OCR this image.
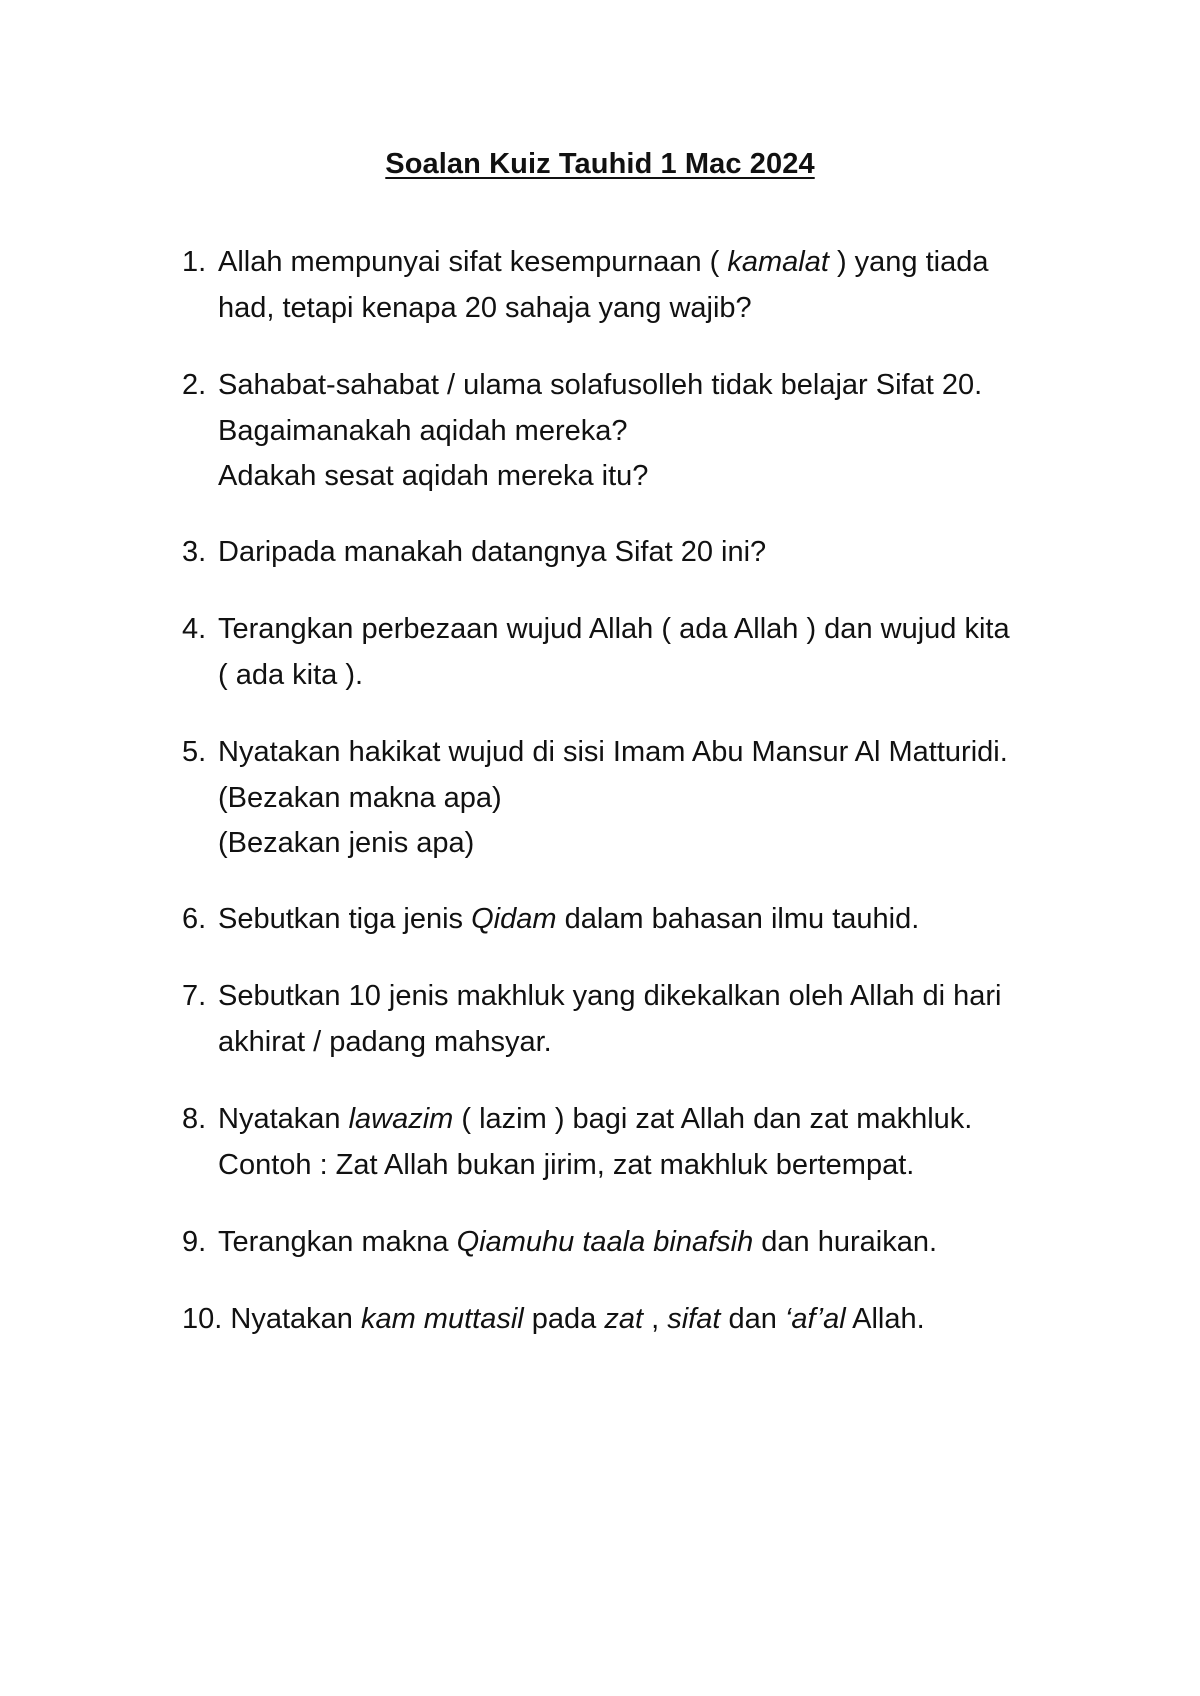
Soalan Kuiz Tauhid 1 Mac 2024
1. Allah mempunyai sifat kesempurnaan ( kamalat ) yang tiada
had, tetapi kenapa 20 sahaja yang wajib?
2. Sahabat-sahabat / ulama solafusolleh tidak belajar Sifat 20.
Bagaimanakah aqidah mereka?
Adakah sesat aqidah mereka itu?
3. Daripada manakah datangnya Sifat 20 ini?
4. Terangkan perbezaan wujud Allah ( ada Allah ) dan wujud kita
( ada kita ).
5. Nyatakan hakikat wujud di sisi Imam Abu Mansur Al Matturidi.
(Bezakan makna apa)
(Bezakan jenis apa)
6. Sebutkan tiga jenis Qidam dalam bahasan ilmu tauhid.
7. Sebutkan 10 jenis makhluk yang dikekalkan oleh Allah di hari
akhirat / padang mahsyar.
8. Nyatakan lawazim ( lazim ) bagi zat Allah dan zat makhluk.
Contoh : Zat Allah bukan jirim, zat makhluk bertempat.
9. Terangkan makna Qiamuhu taala binafsih dan huraikan.
10. Nyatakan kam muttasil pada zat , sifat dan ‘af’al Allah.
